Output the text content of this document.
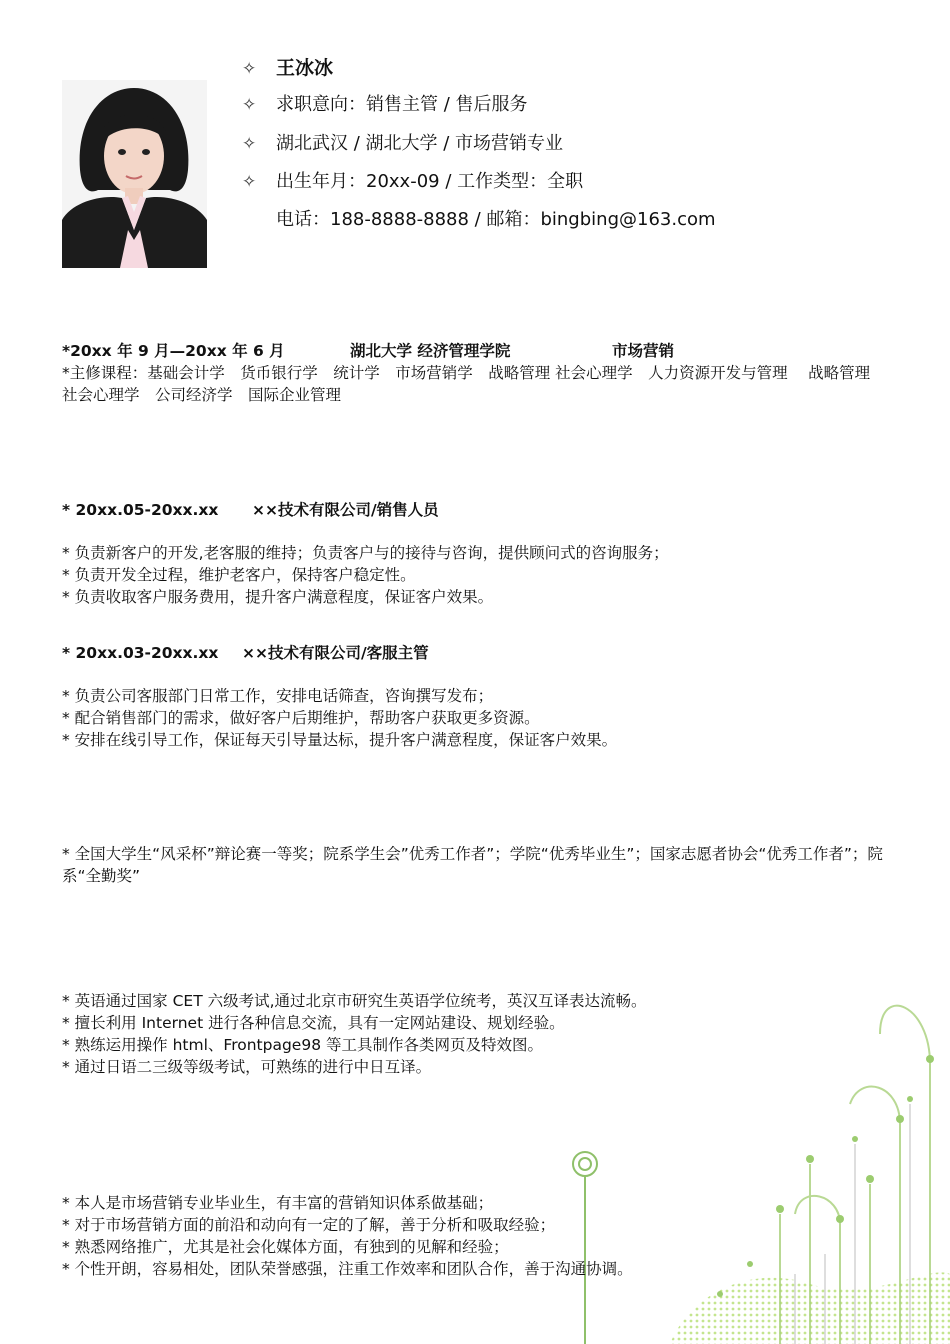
✧ 王冰冰
✧ 求职意向：销售主管 / 售后服务
✧ 湖北武汉 / 湖北大学 / 市场营销专业
✧ 出生年月：20xx-09 / 工作类型：全职
电话：188-8888-8888 / 邮箱：bingbing@163.com
*20xx 年 9 月—20xx 年 6 月	湖北大学 经济管理学院	市场营销
*主修课程：基础会计学　货币银行学　统计学　市场营销学　战略管理 社会心理学　人力资源开发与管理　 战略管理　社会心理学　公司经济学　国际企业管理
* 20xx.05-20xx.xx ××技术有限公司/销售人员
* 负责新客户的开发,老客服的维持；负责客户与的接待与咨询，提供顾问式的咨询服务；
* 负责开发全过程，维护老客户，保持客户稳定性。
* 负责收取客户服务费用，提升客户满意程度，保证客户效果。
* 20xx.03-20xx.xx ××技术有限公司/客服主管
* 负责公司客服部门日常工作，安排电话筛查，咨询撰写发布；
* 配合销售部门的需求，做好客户后期维护，帮助客户获取更多资源。
* 安排在线引导工作，保证每天引导量达标，提升客户满意程度，保证客户效果。
* 全国大学生“风采杯”辩论赛一等奖；院系学生会”优秀工作者”；学院“优秀毕业生”；国家志愿者协会“优秀工作者”；院系“全勤奖”
* 英语通过国家 CET 六级考试,通过北京市研究生英语学位统考，英汉互译表达流畅。
* 擅长利用 Internet 进行各种信息交流，具有一定网站建设、规划经验。
* 熟练运用操作 html、Frontpage98 等工具制作各类网页及特效图。
* 通过日语二三级等级考试，可熟练的进行中日互译。
* 本人是市场营销专业毕业生，有丰富的营销知识体系做基础；
* 对于市场营销方面的前沿和动向有一定的了解，善于分析和吸取经验；
* 熟悉网络推广，尤其是社会化媒体方面，有独到的见解和经验；
* 个性开朗，容易相处，团队荣誉感强，注重工作效率和团队合作，善于沟通协调。
